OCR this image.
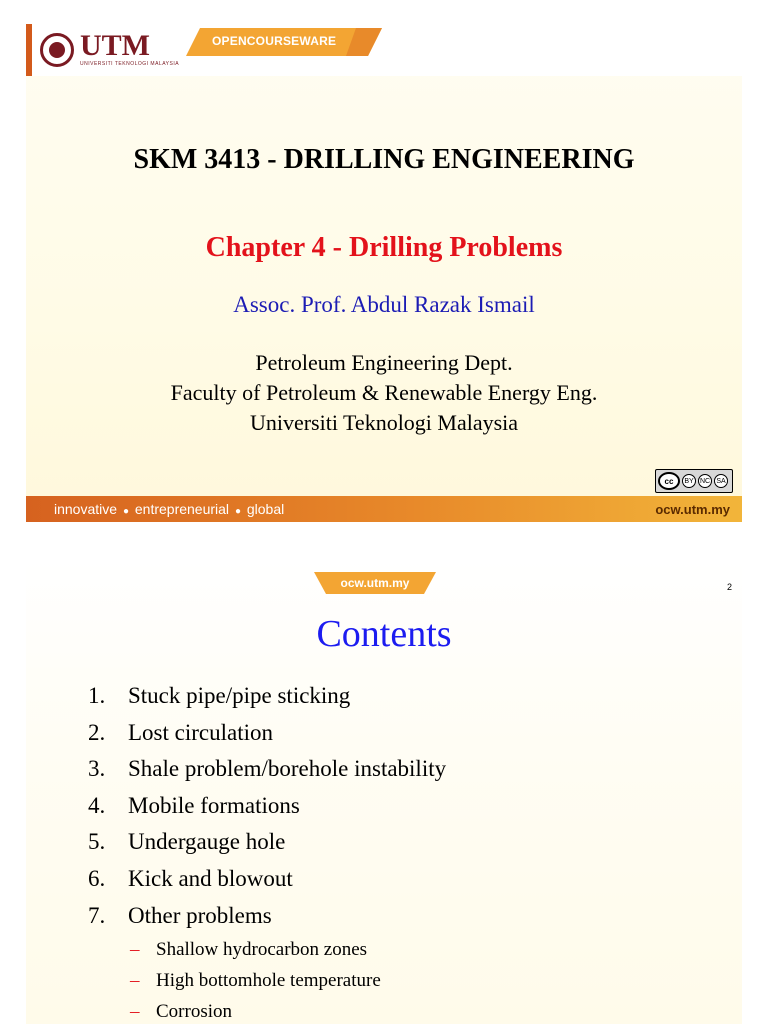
UTM
UNIVERSITI TEKNOLOGI MALAYSIA
OPENCOURSEWARE
SKM 3413 - DRILLING ENGINEERING
Chapter 4 - Drilling Problems
Assoc. Prof. Abdul Razak Ismail
Petroleum Engineering Dept.
Faculty of Petroleum & Renewable Energy Eng.
Universiti Teknologi Malaysia
cc	BY NC SA
innovative ● entrepreneurial ● global	ocw.utm.my
ocw.utm.my	2
Contents
1. Stuck pipe/pipe sticking
2. Lost circulation
3. Shale problem/borehole instability
4. Mobile formations
5. Undergauge hole
6. Kick and blowout
7. Other problems
– Shallow hydrocarbon zones
– High bottomhole temperature
– Corrosion
